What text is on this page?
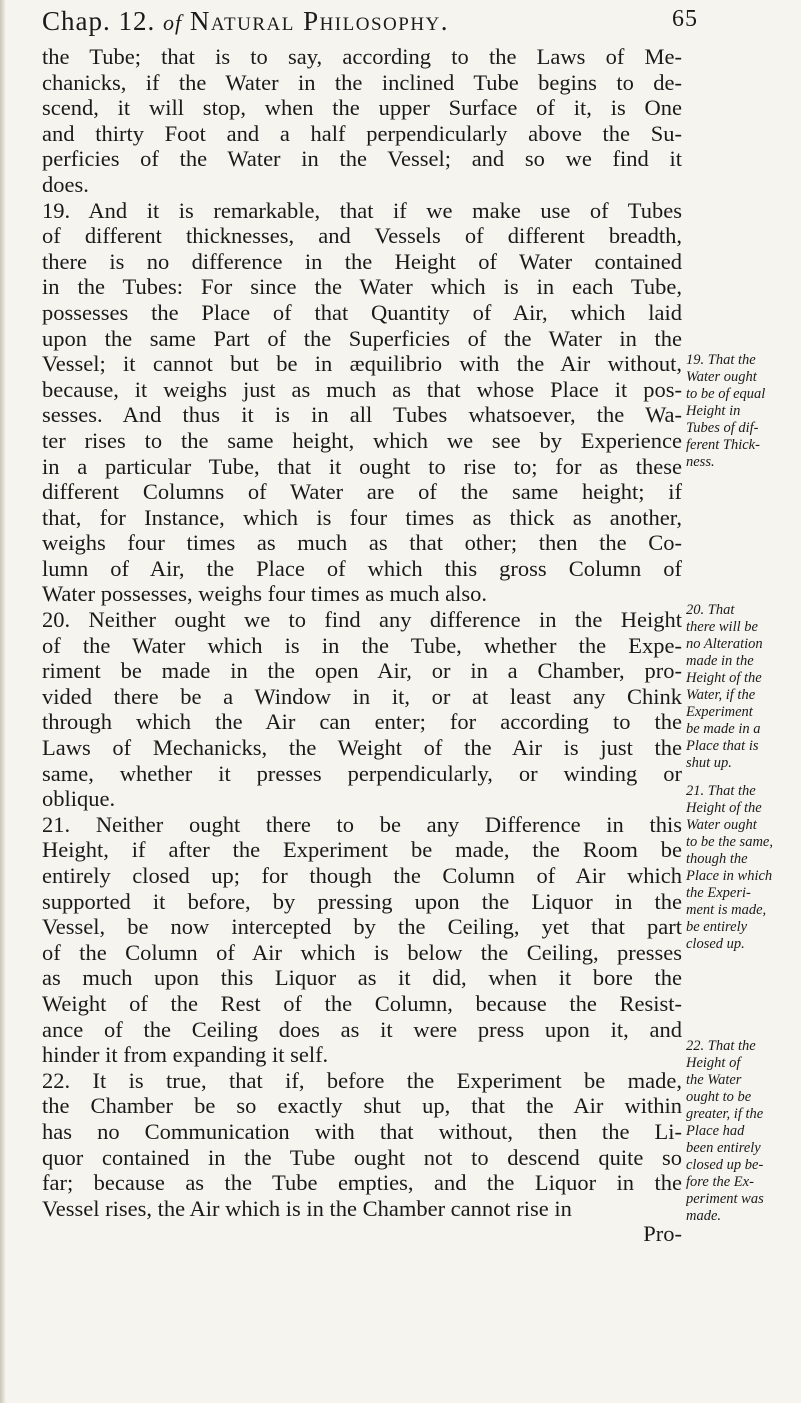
Chap. 12. of Natural Philosophy.	65
the Tube; that is to say, according to the Laws of Me-
chanicks, if the Water in the inclined Tube begins to de-
scend, it will stop, when the upper Surface of it, is One
and thirty Foot and a half perpendicularly above the Su-
perficies of the Water in the Vessel; and so we find it
does.
19. And it is remarkable, that if we make use of Tubes
of different thicknesses, and Vessels of different breadth,
there is no difference in the Height of Water contained
in the Tubes: For since the Water which is in each Tube,
possesses the Place of that Quantity of Air, which laid
upon the same Part of the Superficies of the Water in the
Vessel; it cannot but be in æquilibrio with the Air without,
because, it weighs just as much as that whose Place it pos-
sesses. And thus it is in all Tubes whatsoever, the Wa-
ter rises to the same height, which we see by Experience
in a particular Tube, that it ought to rise to; for as these
different Columns of Water are of the same height; if
that, for Instance, which is four times as thick as another,
weighs four times as much as that other; then the Co-
lumn of Air, the Place of which this gross Column of
Water possesses, weighs four times as much also.
20. Neither ought we to find any difference in the Height
of the Water which is in the Tube, whether the Expe-
riment be made in the open Air, or in a Chamber, pro-
vided there be a Window in it, or at least any Chink
through which the Air can enter; for according to the
Laws of Mechanicks, the Weight of the Air is just the
same, whether it presses perpendicularly, or winding or
oblique.
21. Neither ought there to be any Difference in this
Height, if after the Experiment be made, the Room be
entirely closed up; for though the Column of Air which
supported it before, by pressing upon the Liquor in the
Vessel, be now intercepted by the Ceiling, yet that part
of the Column of Air which is below the Ceiling, presses
as much upon this Liquor as it did, when it bore the
Weight of the Rest of the Column, because the Resist-
ance of the Ceiling does as it were press upon it, and
hinder it from expanding it self.
22. It is true, that if, before the Experiment be made,
the Chamber be so exactly shut up, that the Air within
has no Communication with that without, then the Li-
quor contained in the Tube ought not to descend quite so
far; because as the Tube empties, and the Liquor in the
Vessel rises, the Air which is in the Chamber cannot rise in
Pro-
19. That the
Water ought
to be of equal
Height in
Tubes of dif-
ferent Thick-
ness.
20. That
there will be
no Alteration
made in the
Height of the
Water, if the
Experiment
be made in a
Place that is
shut up.
21. That the
Height of the
Water ought
to be the same,
though the
Place in which
the Experi-
ment is made,
be entirely
closed up.
22. That the
Height of
the Water
ought to be
greater, if the
Place had
been entirely
closed up be-
fore the Ex-
periment was
made.
